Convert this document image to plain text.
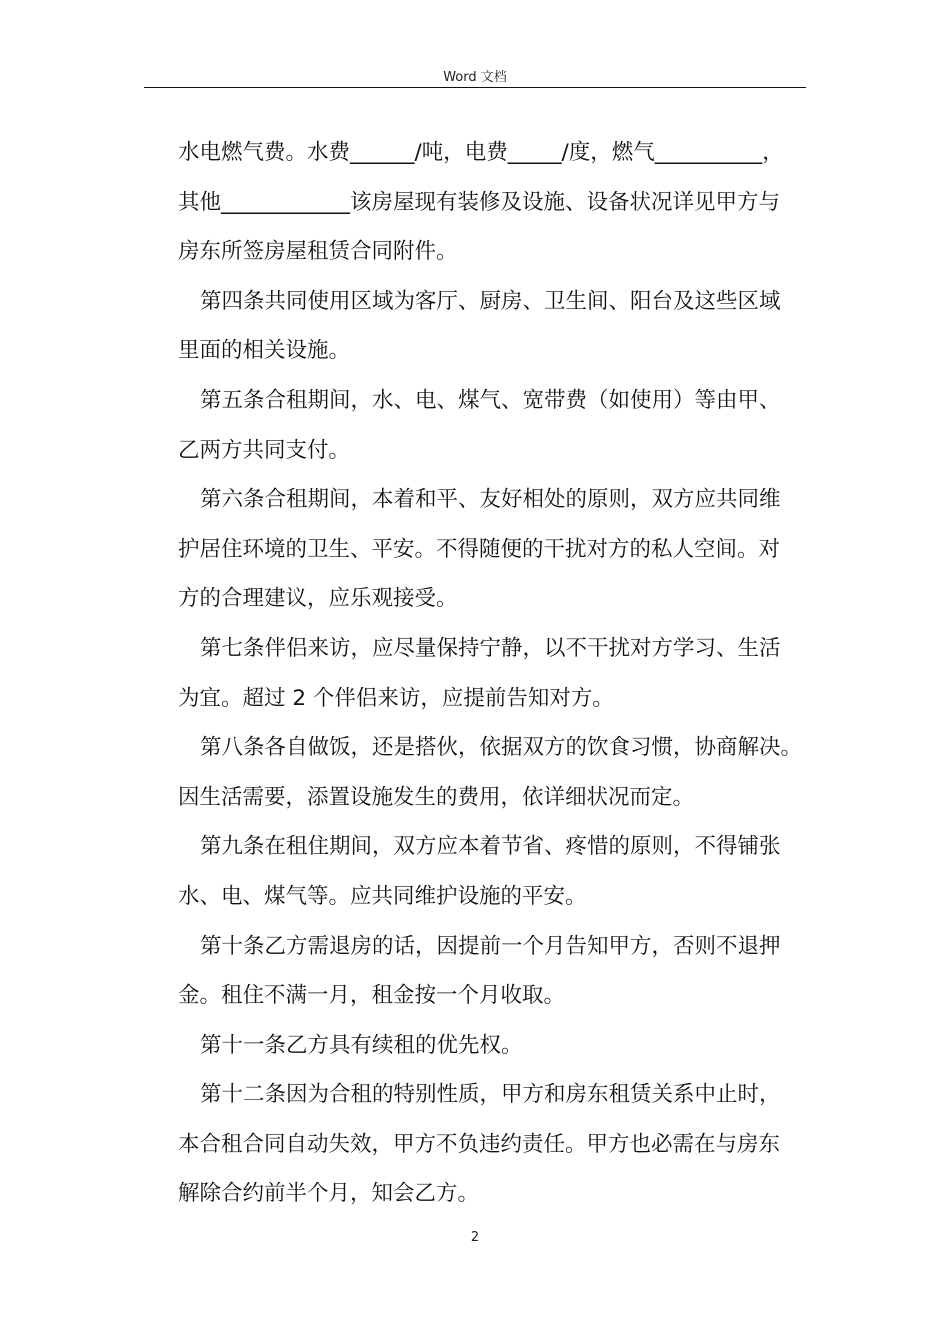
Word 文档
水电燃气费。水费______/吨，电费_____/度，燃气__________，
其他____________该房屋现有装修及设施、设备状况详见甲方与
房东所签房屋租赁合同附件。
第四条共同使用区域为客厅、厨房、卫生间、阳台及这些区域
里面的相关设施。
第五条合租期间，水、电、煤气、宽带费（如使用）等由甲、
乙两方共同支付。
第六条合租期间，本着和平、友好相处的原则，双方应共同维
护居住环境的卫生、平安。不得随便的干扰对方的私人空间。对
方的合理建议，应乐观接受。
第七条伴侣来访，应尽量保持宁静，以不干扰对方学习、生活
为宜。超过 2 个伴侣来访，应提前告知对方。
第八条各自做饭，还是搭伙，依据双方的饮食习惯，协商解决。
因生活需要，添置设施发生的费用，依详细状况而定。
第九条在租住期间，双方应本着节省、疼惜的原则，不得铺张
水、电、煤气等。应共同维护设施的平安。
第十条乙方需退房的话，因提前一个月告知甲方，否则不退押
金。租住不满一月，租金按一个月收取。
第十一条乙方具有续租的优先权。
第十二条因为合租的特别性质，甲方和房东租赁关系中止时，
本合租合同自动失效，甲方不负违约责任。甲方也必需在与房东
解除合约前半个月，知会乙方。
2
